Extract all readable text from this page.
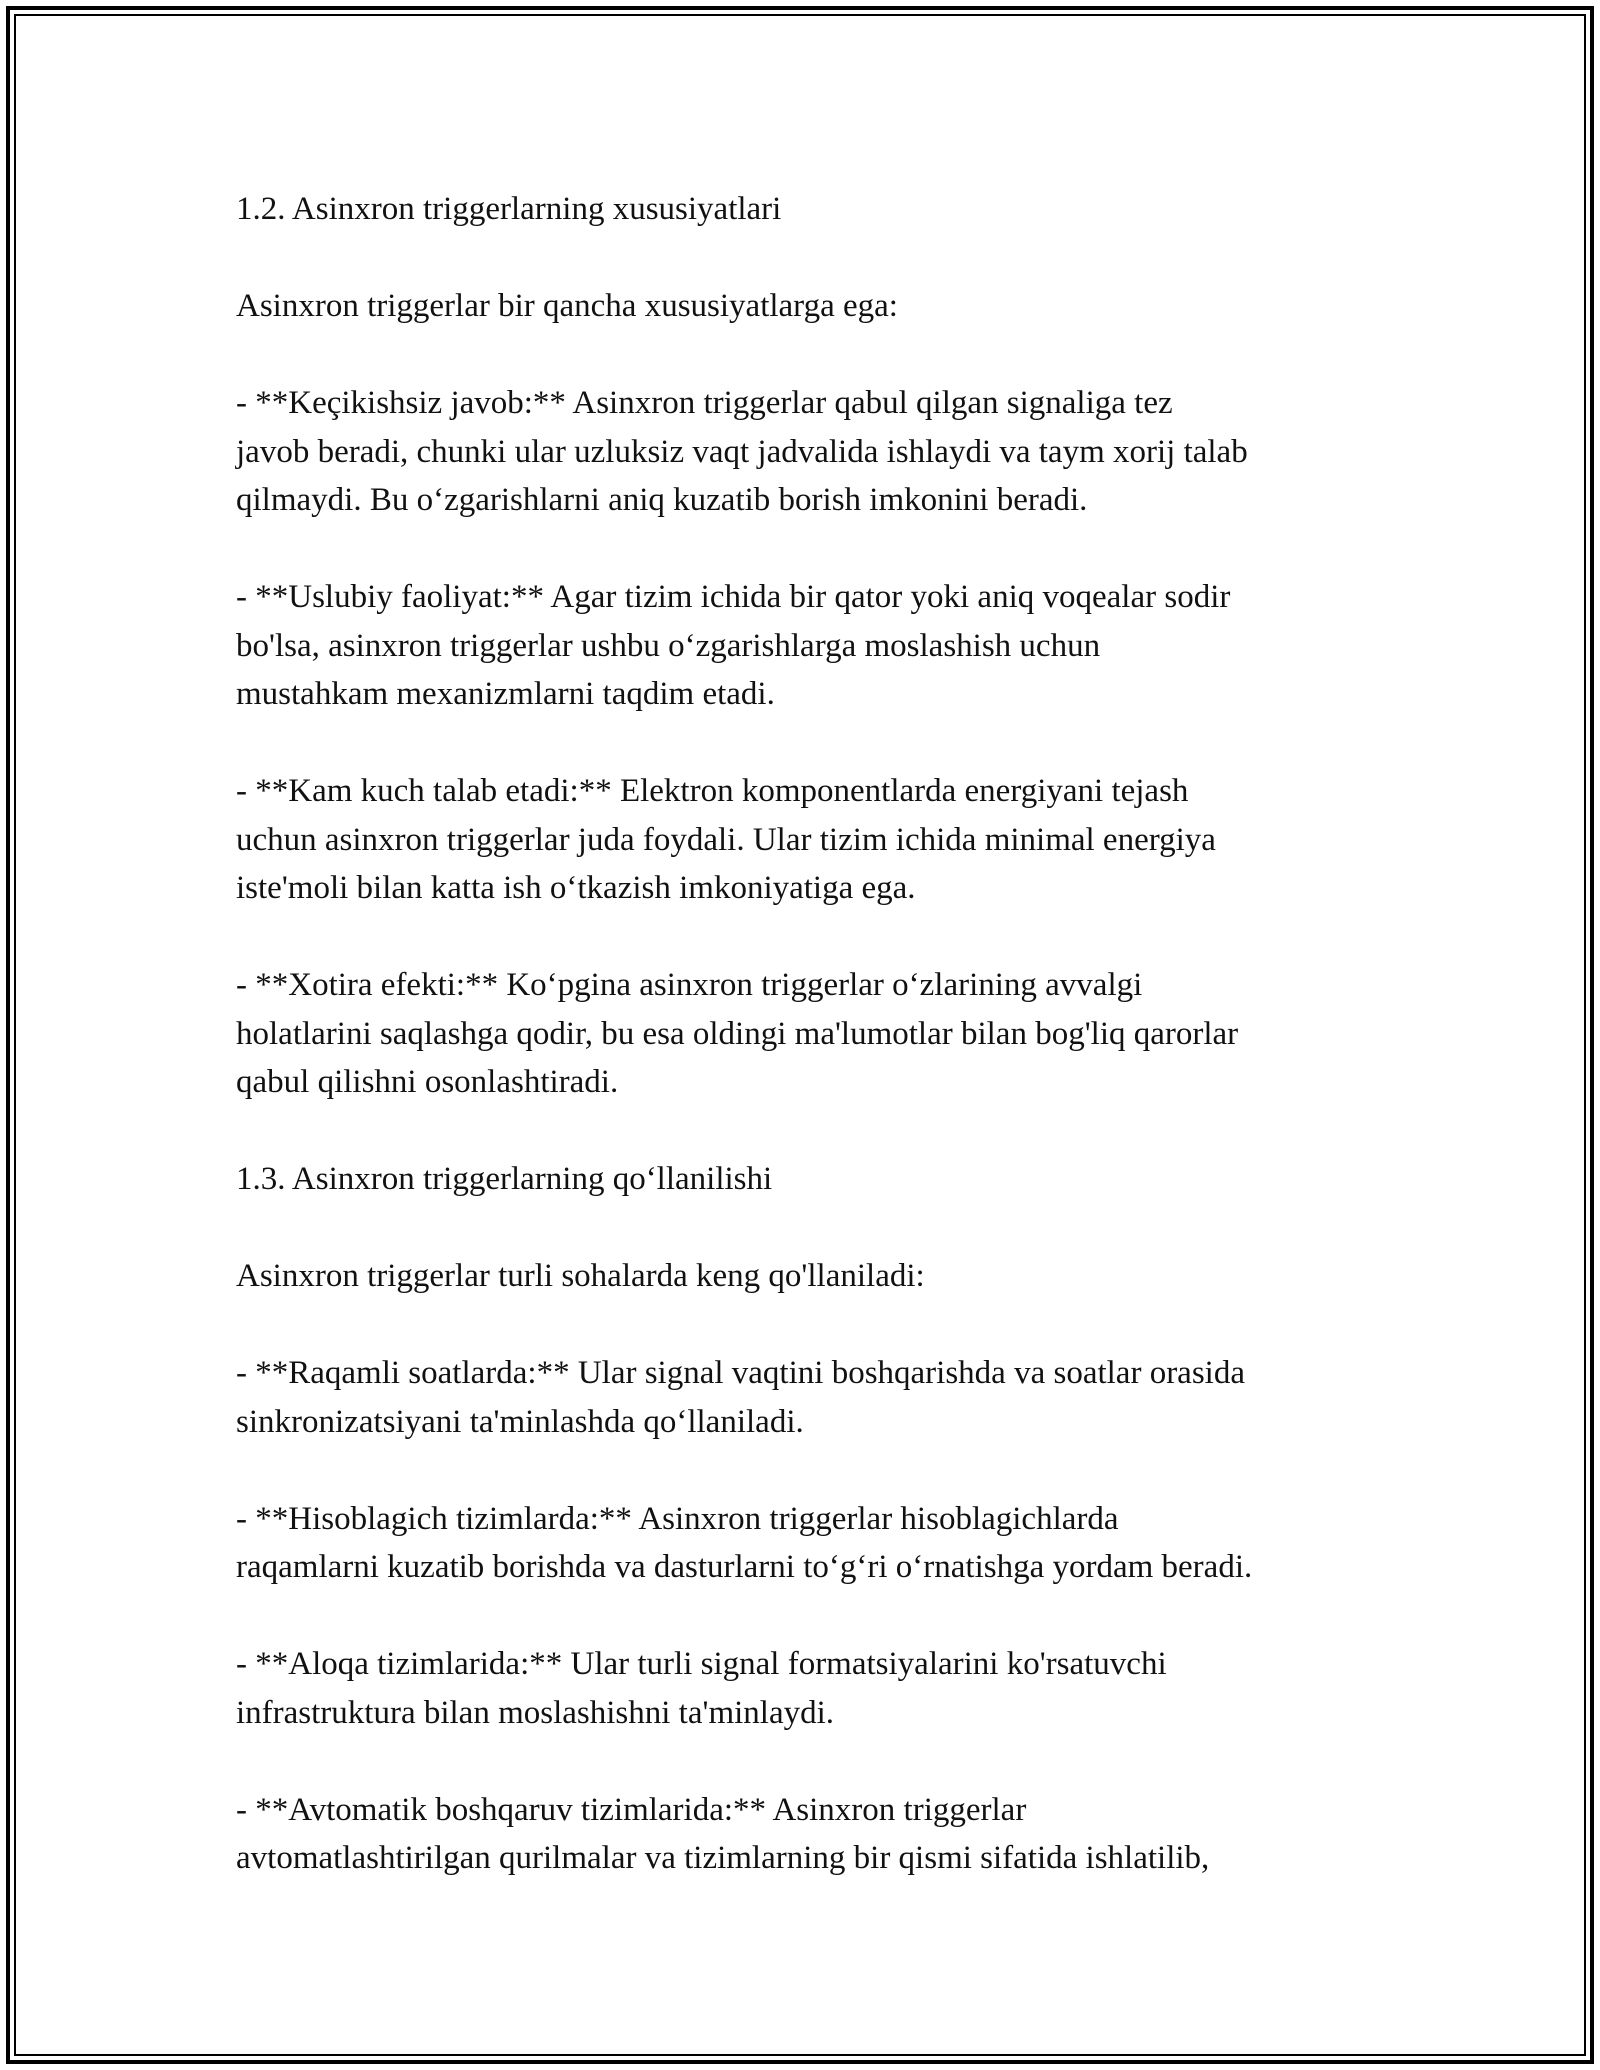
1.2. Asinxron triggerlarning xususiyatlari

Asinxron triggerlar bir qancha xususiyatlarga ega:

- **Keçikishsiz javob:** Asinxron triggerlar qabul qilgan signaliga tez
javob beradi, chunki ular uzluksiz vaqt jadvalida ishlaydi va taym xorij talab
qilmaydi. Bu o‘zgarishlarni aniq kuzatib borish imkonini beradi.

- **Uslubiy faoliyat:** Agar tizim ichida bir qator yoki aniq voqealar sodir
bo'lsa, asinxron triggerlar ushbu o‘zgarishlarga moslashish uchun
mustahkam mexanizmlarni taqdim etadi.

- **Kam kuch talab etadi:** Elektron komponentlarda energiyani tejash
uchun asinxron triggerlar juda foydali. Ular tizim ichida minimal energiya
iste'moli bilan katta ish o‘tkazish imkoniyatiga ega.

- **Xotira efekti:** Ko‘pgina asinxron triggerlar o‘zlarining avvalgi
holatlarini saqlashga qodir, bu esa oldingi ma'lumotlar bilan bog'liq qarorlar
qabul qilishni osonlashtiradi.

1.3. Asinxron triggerlarning qo‘llanilishi

Asinxron triggerlar turli sohalarda keng qo'llaniladi:

- **Raqamli soatlarda:** Ular signal vaqtini boshqarishda va soatlar orasida
sinkronizatsiyani ta'minlashda qo‘llaniladi.

- **Hisoblagich tizimlarda:** Asinxron triggerlar hisoblagichlarda
raqamlarni kuzatib borishda va dasturlarni to‘g‘ri o‘rnatishga yordam beradi.

- **Aloqa tizimlarida:** Ular turli signal formatsiyalarini ko'rsatuvchi
infrastruktura bilan moslashishni ta'minlaydi.

- **Avtomatik boshqaruv tizimlarida:** Asinxron triggerlar
avtomatlashtirilgan qurilmalar va tizimlarning bir qismi sifatida ishlatilib,
